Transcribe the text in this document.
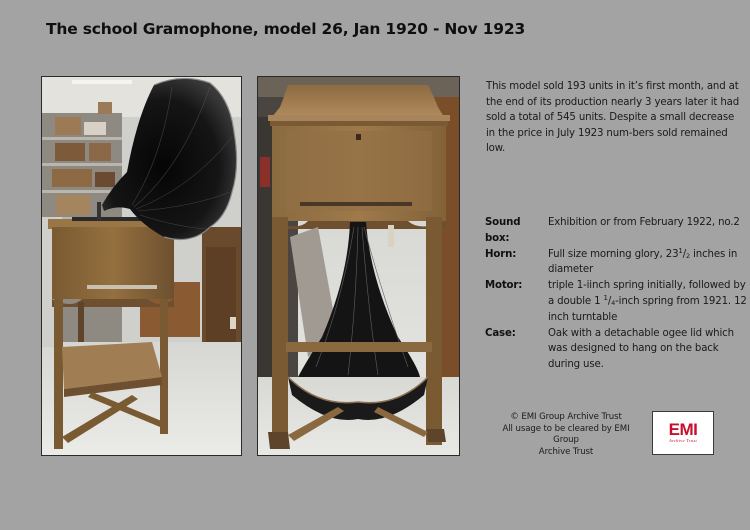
The school Gramophone, model 26, Jan 1920 - Nov 1923
This model sold 193 units in it’s first month, and at the end of its production nearly 3 years later it had sold a total of 545 units. Despite a small decrease in the price in July 1923 num-bers sold remained low.
Sound box:
Exhibition or from February 1922, no.2
Horn:	Full size morning glory, $23^1/_2$ inches in diameter
Motor:	triple 1-iinch spring initially, followed by a double 1 $^1/_4$-inch spring from 1921. 12 inch turntable
Case:	Oak with a detachable ogee lid which was designed to hang on the back during use.
© EMI Group Archive Trust
All usage to be cleared by EMI Group
Archive Trust
EMI
Archive Trust
